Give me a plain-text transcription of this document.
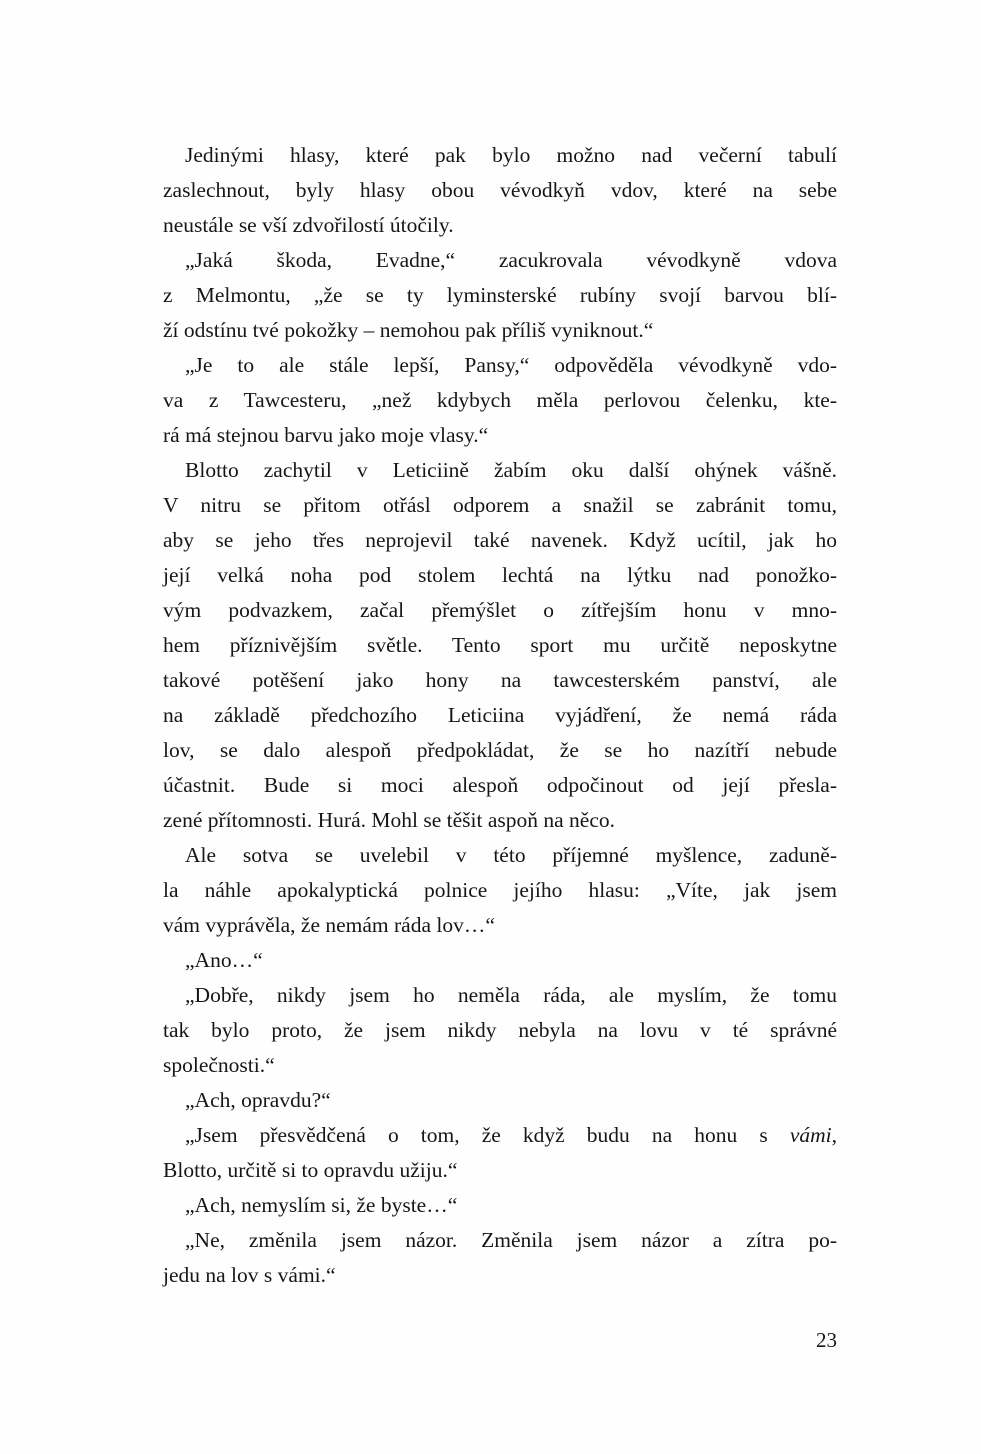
Jedinými hlasy, které pak bylo možno nad večerní tabulí
zaslechnout, byly hlasy obou vévodkyň vdov, které na sebe
neustále se vší zdvořilostí útočily.

„Jaká škoda, Evadne,“ zacukrovala vévodkyně vdova
z Melmontu, „že se ty lyminsterské rubíny svojí barvou blí-
ží odstínu tvé pokožky – nemohou pak příliš vyniknout.“

„Je to ale stále lepší, Pansy,“ odpověděla vévodkyně vdo-
va z Tawcesteru, „než kdybych měla perlovou čelenku, kte-
rá má stejnou barvu jako moje vlasy.“

Blotto zachytil v Leticiině žabím oku další ohýnek vášně.
V nitru se přitom otřásl odporem a snažil se zabránit tomu,
aby se jeho třes neprojevil také navenek. Když ucítil, jak ho
její velká noha pod stolem lechtá na lýtku nad ponožko-
vým podvazkem, začal přemýšlet o zítřejším honu v mno-
hem příznivějším světle. Tento sport mu určitě neposkytne
takové potěšení jako hony na tawcesterském panství, ale
na základě předchozího Leticiina vyjádření, že nemá ráda
lov, se dalo alespoň předpokládat, že se ho nazítří nebude
účastnit. Bude si moci alespoň odpočinout od její přesla-
zené přítomnosti. Hurá. Mohl se těšit aspoň na něco.

Ale sotva se uvelebil v této příjemné myšlence, zaduně-
la náhle apokalyptická polnice jejího hlasu: „Víte, jak jsem
vám vyprávěla, že nemám ráda lov…“

„Ano…“

„Dobře, nikdy jsem ho neměla ráda, ale myslím, že tomu
tak bylo proto, že jsem nikdy nebyla na lovu v té správné
společnosti.“

„Ach, opravdu?“

„Jsem přesvědčená o tom, že když budu na honu s vámi,
Blotto, určitě si to opravdu užiju.“

„Ach, nemyslím si, že byste…“

„Ne, změnila jsem názor. Změnila jsem názor a zítra po-
jedu na lov s vámi.“

23
